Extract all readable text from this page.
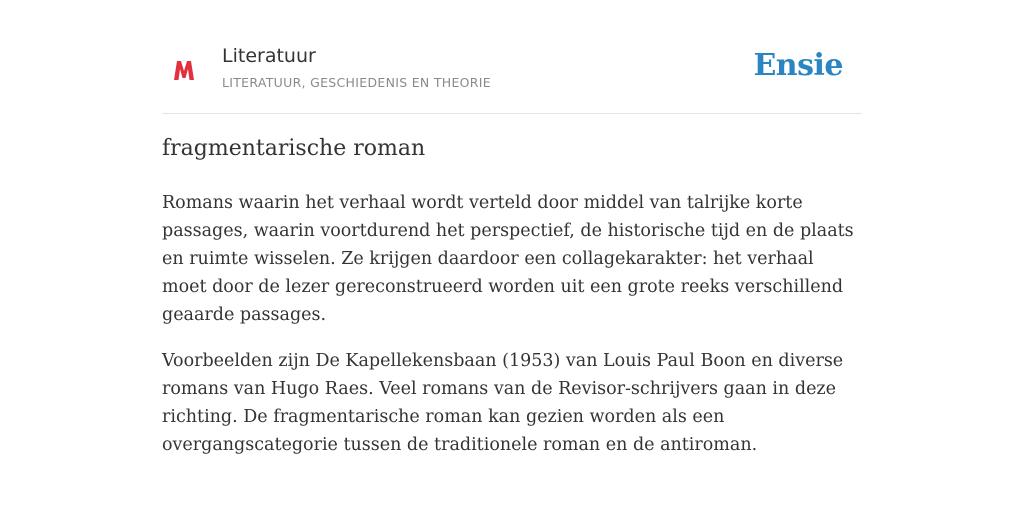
Literatuur
LITERATUUR, GESCHIEDENIS EN THEORIE	Ensie
fragmentarische roman

Romans waarin het verhaal wordt verteld door middel van talrijke korte passages, waarin voortdurend het perspectief, de historische tijd en de plaats en ruimte wisselen. Ze krijgen daardoor een collagekarakter: het verhaal moet door de lezer gereconstrueerd worden uit een grote reeks verschillend geaarde passages.

Voorbeelden zijn De Kapellekensbaan (1953) van Louis Paul Boon en diverse romans van Hugo Raes. Veel romans van de Revisor-schrijvers gaan in deze richting. De fragmentarische roman kan gezien worden als een overgangscategorie tussen de traditionele roman en de antiroman.
